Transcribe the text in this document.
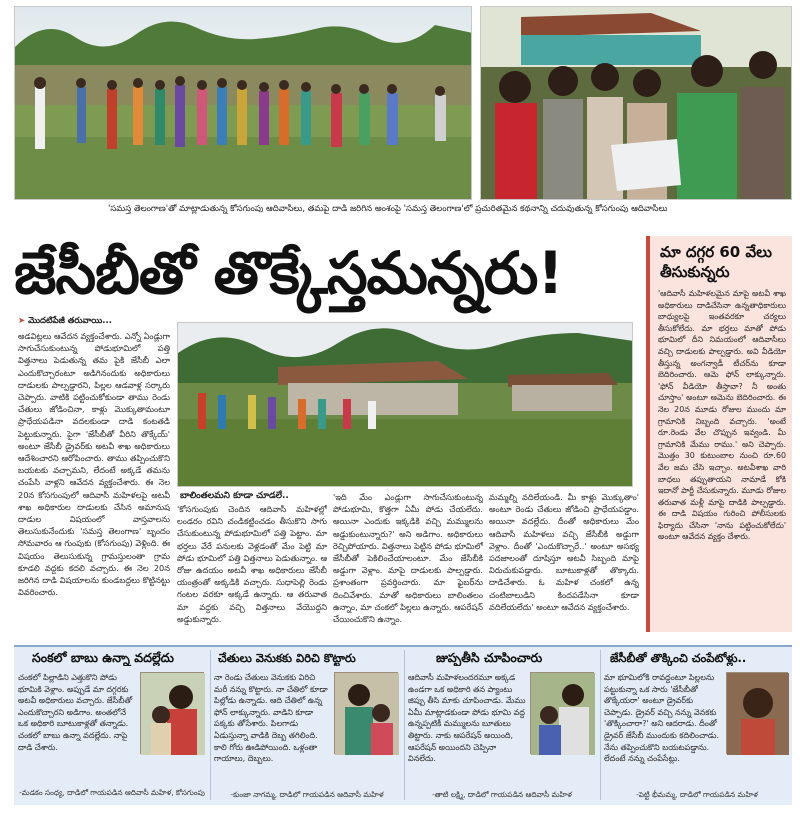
'సమస్త తెలంగాణ'తో మాట్లాడుతున్న కోసగుంపు ఆదివాసీలు, తమపై దాడి జరిగిన అంశంపై 'సమస్త తెలంగాణ'లో ప్రచురితమైన కథనాన్ని చదువుతున్న కోసగుంపు ఆదివాసీలు
జేసీబీతో తొక్కేస్తమన్నరు!	మా దగ్గర 60 వేలు తీసుకున్నరు
'ఆదివాసీ మహిళలమైన మాపై అటవీ శాఖ అధికారులు దాడిచేసినా ఉన్నతాధికారులు బాధ్యులపై ఇంతవరకూ చర్యలు తీసుకోలేదు. మా భర్తలు మాతో పోడు భూమిలో దీని నిమయంలో ఆదివాసీలు వచ్చి దాడులకు పాల్పడ్డారు. అవి వీడియో తీస్తున్న అంగన్వాడీ టీచర్‌ను కూడా బెదిరించారు. ఆమె ఫోన్ లాక్కున్నారు. 'ఫోన్ వీడియో తీస్తావా? నీ అంతు చూస్తాం' అంటూ ఆమెను బెదిరించారు. ఈ నెల 20న మూడు రోజుల ముందు మా గ్రామానికి నిబ్బంది వచ్చారు. 'అంటే రూ.రెండు వేల చొప్పున ఇవ్వండి. మీ గ్రామానికి మేము రాము.' అని చెప్పారు. మొత్తం 30 కుటుంబాల నుంచి రూ.60 వేల జమ చేసి ఇచ్చాం. అటవీశాఖ వారి బాధలు తప్పుతాయని నామాడే కోకి ఇదానో పార్టీ చేసుకున్నారు. మూడు రోజుల తరువాత మళ్లీ మాపై దాడికి పాల్పడ్డారు. ఈ దాడి విషయం గురించి పోలీసులకు ఫిర్యాదు చేసినా 'నాను పట్టించుకోలేదు' అంటూ ఆవేదన వ్యక్తం చేశారు.
➤ మొదటిపేజీ తరువాయి...
అడవిట్లలు ఆవేదన వ్యక్తంచేశారు. ఎన్నో ఏండ్లుగా సాగుచేసుకుంటున్న పోడుభూమిలో పత్తి విత్తనాలు పెడుతున్న తమ పైకి జేసీబీ ఎలా ఎందుకొచ్చారంటూ అడిగినందుకు అధికారులు దాడులకు పాల్పడ్డారని, పిల్లల ఆడవాళ్ల సర్కారు చెప్పారు. వాటికి పట్టించుకోకుండా తాము రెండు చేతులు జోడించినా, కాళ్లు మొక్కుతామంటూ ప్రాధేయపడినా వదలకుండా దాడి కంటతడి పెట్టుకున్నారు. పైగా 'జేసీబీతో వీరిని తొక్కేయ్' అంటూ జేసీబీ డ్రైవర్‌కు అటవీ శాఖ అధికారులు ఆదేశించారని ఆరోపించారు. తాము తప్పించుకొని బయటకు వచ్చామని, లేదంటే అక్కడే తమను చంపేసి వాళ్లని ఆవేదన వ్యక్తంచేశారు. ఈ నెల 20న కోసగుంపులో ఆదివాసీ మహిళలపై అటవీ శాఖ అధికారుల దాడులకు చేసిన అమానుష దాడుల విషయంలో వాస్తవాలను తెలుసుకునేందుకు 'సమస్త తెలంగాణ' బృందం సోమవారం ఆ గుంపుకు (కోసగుంపు) వెళ్లింది. ఈ విషయం తెలుసుకున్న గ్రామస్తులంతా గ్రామ కూడలి వద్దకు కదలి వచ్చారు. ఈ నెల 20న జరిగిన దాడి విషయాలను కుండబద్దలు కొట్టినట్టు వివరించారు.
బాలింతలమని కూడా చూడలే..
'కోసగుంపుకు చెందిన ఆదివాసీ మహిళల్లో లండరం రవిని చండికట్టించడం తీసుకొని సాగు చేసుకుంటున్న పోడుభూమిలో పత్తి పెట్టాం. మా భర్తలు వేరే పనులకు వెళ్లడంతో మేం పెట్టి మా పోడు భూమిలో పత్తి విత్తనాలు పెడుతున్నాం. ఆ రోజు ఉదయం అటవీ శాఖ అధికారులు జేసీబీ యంత్రంతో అక్కడికి వచ్చారు. సుధాపెల్లి రెండు గంటల వరకూ అక్కడే ఉన్నారు. ఆ తరువాత మా వద్దకు వచ్చి విత్తనాలు వేయొద్దని అడ్డుకున్నారు.
'ఇది మేం ఎండ్లుగా సాగుచేసుకుంటున్న పోడుభూమి, కొత్తగా ఏమీ పోడు చేయలేదు. అయినా ఎందుకు ఇక్కడికి వచ్చి మమ్ములను అడ్డుకుంటున్నారు?' అని అడిగాం. అధికారులు రెచ్చిపోయారు. విత్తనాలు పెట్టిన పోడు భూమిలో జేసీబీతో పెకిలించేయాలంటూ. మేం జేసీబీకి అడ్డుగా వెళ్లాం. మాపై దాడులకు పాల్పడ్డారు. ప్రశాంతంగా ప్రవర్తించారు. మా ఫైబర్‌ను దించివేశారు. మాతో అధికారులు బాలింతలం ఉన్నాం, మా చంకలో పిల్లలు ఉన్నారు. ఆపరేషన్ చేయించుకొని ఉన్నాం.
మమ్మల్ని వదిలేయండి. మీ కాళ్లు మొక్కుతాం' అంటూ రెండు చేతులు జోడించి ప్రాధేయపడ్డాం. అయినా వదల్లేదు. దీంతో అధికారులు మేం ఆదివాసీ మహిళలు వచ్చి జేసీబీకి అడ్డుగా వెళ్లాం. దీంతో 'ఎందుకొచ్చారే..' అంటూ అసభ్య పదజాలంతో దూషిస్తూ అటవీ సిబ్బంది మాపై విరుచుకుపడ్డారు. బూటుకాళ్లతో తొక్కారు. దాడిచేశారు. ఓ మహిళ చంకలో ఉన్న చంటిబాలుడిని కిందపడేసినా కూడా వదిలేయలేదు' అంటూ ఆవేదన వ్యక్తంచేశారు.
సంకలో బాబు ఉన్నా వదల్లేదు
చంకలో పిల్లాడిని ఎత్తుకొని పోడు భూమికి వెళ్లాం. అప్పుడే మా దగ్గరకు అటవీ అధికారులు వచ్చారు. జేసీబీతో ఎందుకొచ్చారని అడిగాం. అంతలోనే ఒక అధికారి బూటుకాళ్లతో తన్నాడు. చంకలో బాబు ఉన్నా వదల్లేదు. నాపై దాడి చేశారు.
-మడకం సంధ్య, దాడిలో గాయపడిన ఆదివాసీ మహిళ, కోసగుంపు
చేతులు వెనుకకు విరిచి కొట్టారు
నా రెండు చేతులు వెనుకకు విరిచి మరీ నన్ను కొట్టారు. నా చేతిలో కూడా పిల్లోడు ఉన్నాడు. ఆది చేతిలో ఉన్న ఫోన్ లాక్కున్నారు. వాడిని కూడా పక్కకు తోసేశారు. పిలగాడు ఏడుస్తున్నా వాడికి దెబ్బ తగిలింది. కాలి గోరు ఊడిపోయింది. ఒళ్లంతా గాయాలు, దెబ్బలు.
-కుంజా నాగమ్మ, దాడిలో గాయపడిన ఆదివాసీ మహిళ
జుప్పతీసి చూపించారు
ఆదివాసీ మహిళలందరమూ అక్కడ ఉండగా ఒక అధికారి తన ప్యాంటు జిప్పు తీసి మాకు చూపించాడు. మేము ఏమీ మాట్లాడకుండా పోడు భూమి వద్ద ఉన్నప్పటికీ మమ్ములను బూతులు తిట్టారు. నాకు ఆపరేషన్ అయింది, ఆపరేషన్ అయిందని చెప్పినా వినలేదు.
-తాటి లక్ష్మి, దాడిలో గాయపడిన ఆదివాసీ మహిళ
జేసీబీతో తొక్కించి చంపేటోళ్లు..
మా భూమిలోకి రావద్దంటూ పిల్లలను పట్టుకున్నా ఒక సారు 'జేసీబీతో తొక్కేయరా' అంటూ డ్రైవర్‌కు చెప్పాడు. డ్రైవర్ వచ్చి నన్ను వెనకకు 'తొక్కించారా?' అని ఆదరాడు. దీంతో డ్రైవర్ జేసీబీ ముందుకు కదిలించాడు. నేను తప్పించుకొని బయటపడ్డాను. లేదంటే నన్ను చంపేసేట్లు.
-పెట్టి భీమమ్మ, దాడిలో గాయపడిన మహిళ
